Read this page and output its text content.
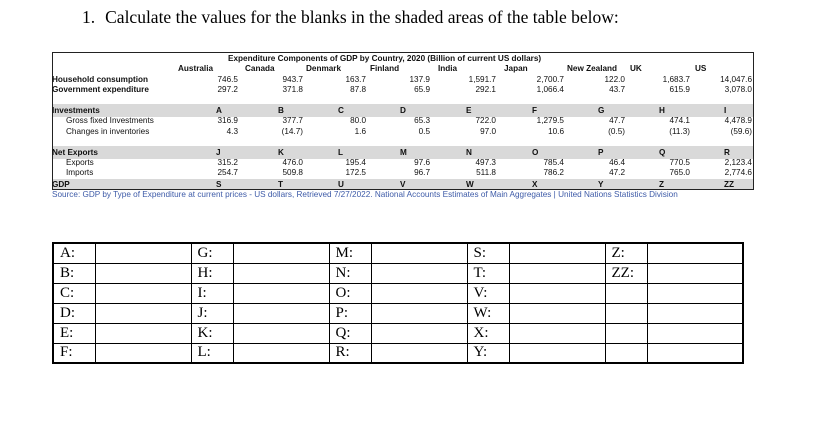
1. Calculate the values for the blanks in the shaded areas of the table below:
Expenditure Components of GDP by Country, 2020 (Billion of current US dollars)
Australia	Canada	Denmark	Finland	India	Japan	New Zealand UK	US
Household consumption	746.5	943.7	163.7	137.9	1,591.7	2,700.7	122.0	1,683.7	14,047.6
Government expenditure	297.2	371.8	87.8	65.9	292.1	1,066.4	43.7	615.9	3,078.0
Investments	A	B	C	D	E	F	G	H	I
Gross fixed Investments	316.9	377.7	80.0	65.3	722.0	1,279.5	47.7	474.1	4,478.9
Changes in inventories	4.3	(14.7)	1.6	0.5	97.0	10.6	(0.5)	(11.3)	(59.6)
Net Exports	J	K	L	M	N	O	P	Q	R
Exports	315.2	476.0	195.4	97.6	497.3	785.4	46.4	770.5	2,123.4
Imports	254.7	509.8	172.5	96.7	511.8	786.2	47.2	765.0	2,774.6
GDP	S	T	U	V	W	X	Y	Z	ZZ
Source: GDP by Type of Expenditure at current prices - US dollars, Retrieved 7/27/2022. National Accounts Estimates of Main Aggregates | United Nations Statistics Division
A:		G:		M:		S:		Z:	
B:		H:		N:		T:		ZZ:	
C:		I:		O:		V:			
D:		J:		P:		W:			
E:		K:		Q:		X:			
F:		L:		R:		Y:			
